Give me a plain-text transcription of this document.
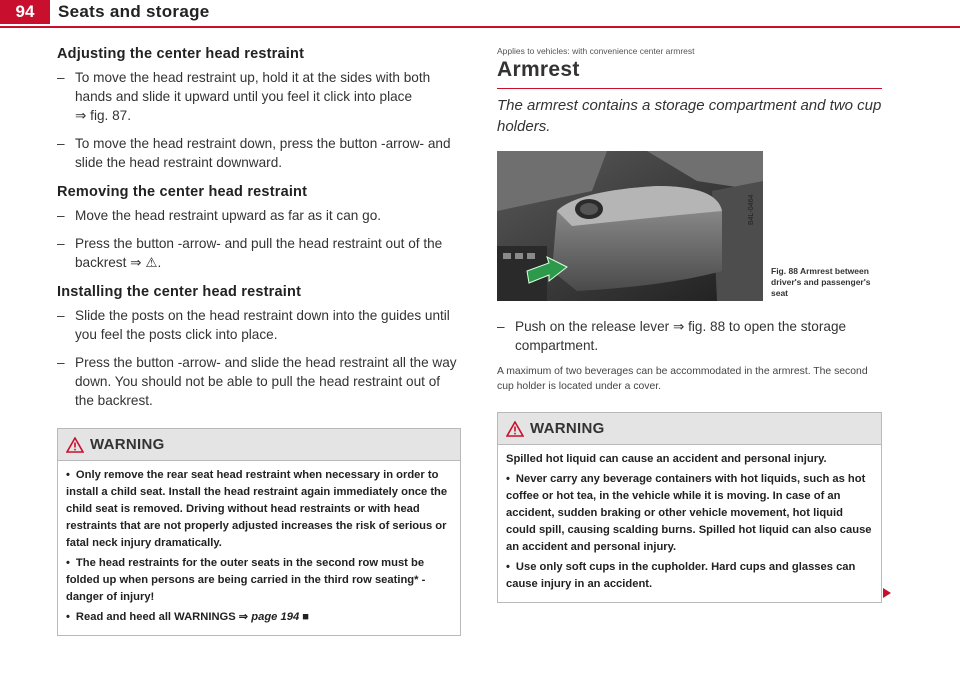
94	Seats and storage
Adjusting the center head restraint
– To move the head restraint up, hold it at the sides with both hands and slide it upward until you feel it click into place ⇒ fig. 87.
– To move the head restraint down, press the button -arrow- and slide the head restraint downward.
Removing the center head restraint
– Move the head restraint upward as far as it can go.
– Press the button -arrow- and pull the head restraint out of the backrest ⇒ ⚠.
Installing the center head restraint
– Slide the posts on the head restraint down into the guides until you feel the posts click into place.
– Press the button -arrow- and slide the head restraint all the way down. You should not be able to pull the head restraint out of the backrest.
WARNING
• Only remove the rear seat head restraint when necessary in order to install a child seat. Install the head restraint again immediately once the child seat is removed. Driving without head restraints or with head restraints that are not properly adjusted increases the risk of serious or fatal neck injury dramatically.
• The head restraints for the outer seats in the second row must be folded up when persons are being carried in the third row seating* - danger of injury!
• Read and heed all WARNINGS ⇒ page 194 ■
Applies to vehicles: with convenience center armrest
Armrest
The armrest contains a storage compartment and two cup holders.
B4L-0464
Fig. 88 Armrest between driver's and passenger's seat
– Push on the release lever ⇒ fig. 88 to open the storage compartment.
A maximum of two beverages can be accommodated in the armrest. The second cup holder is located under a cover.
WARNING
Spilled hot liquid can cause an accident and personal injury.
• Never carry any beverage containers with hot liquids, such as hot coffee or hot tea, in the vehicle while it is moving. In case of an accident, sudden braking or other vehicle movement, hot liquid could spill, causing scalding burns. Spilled hot liquid can also cause an accident and personal injury.
• Use only soft cups in the cupholder. Hard cups and glasses can cause injury in an accident.
